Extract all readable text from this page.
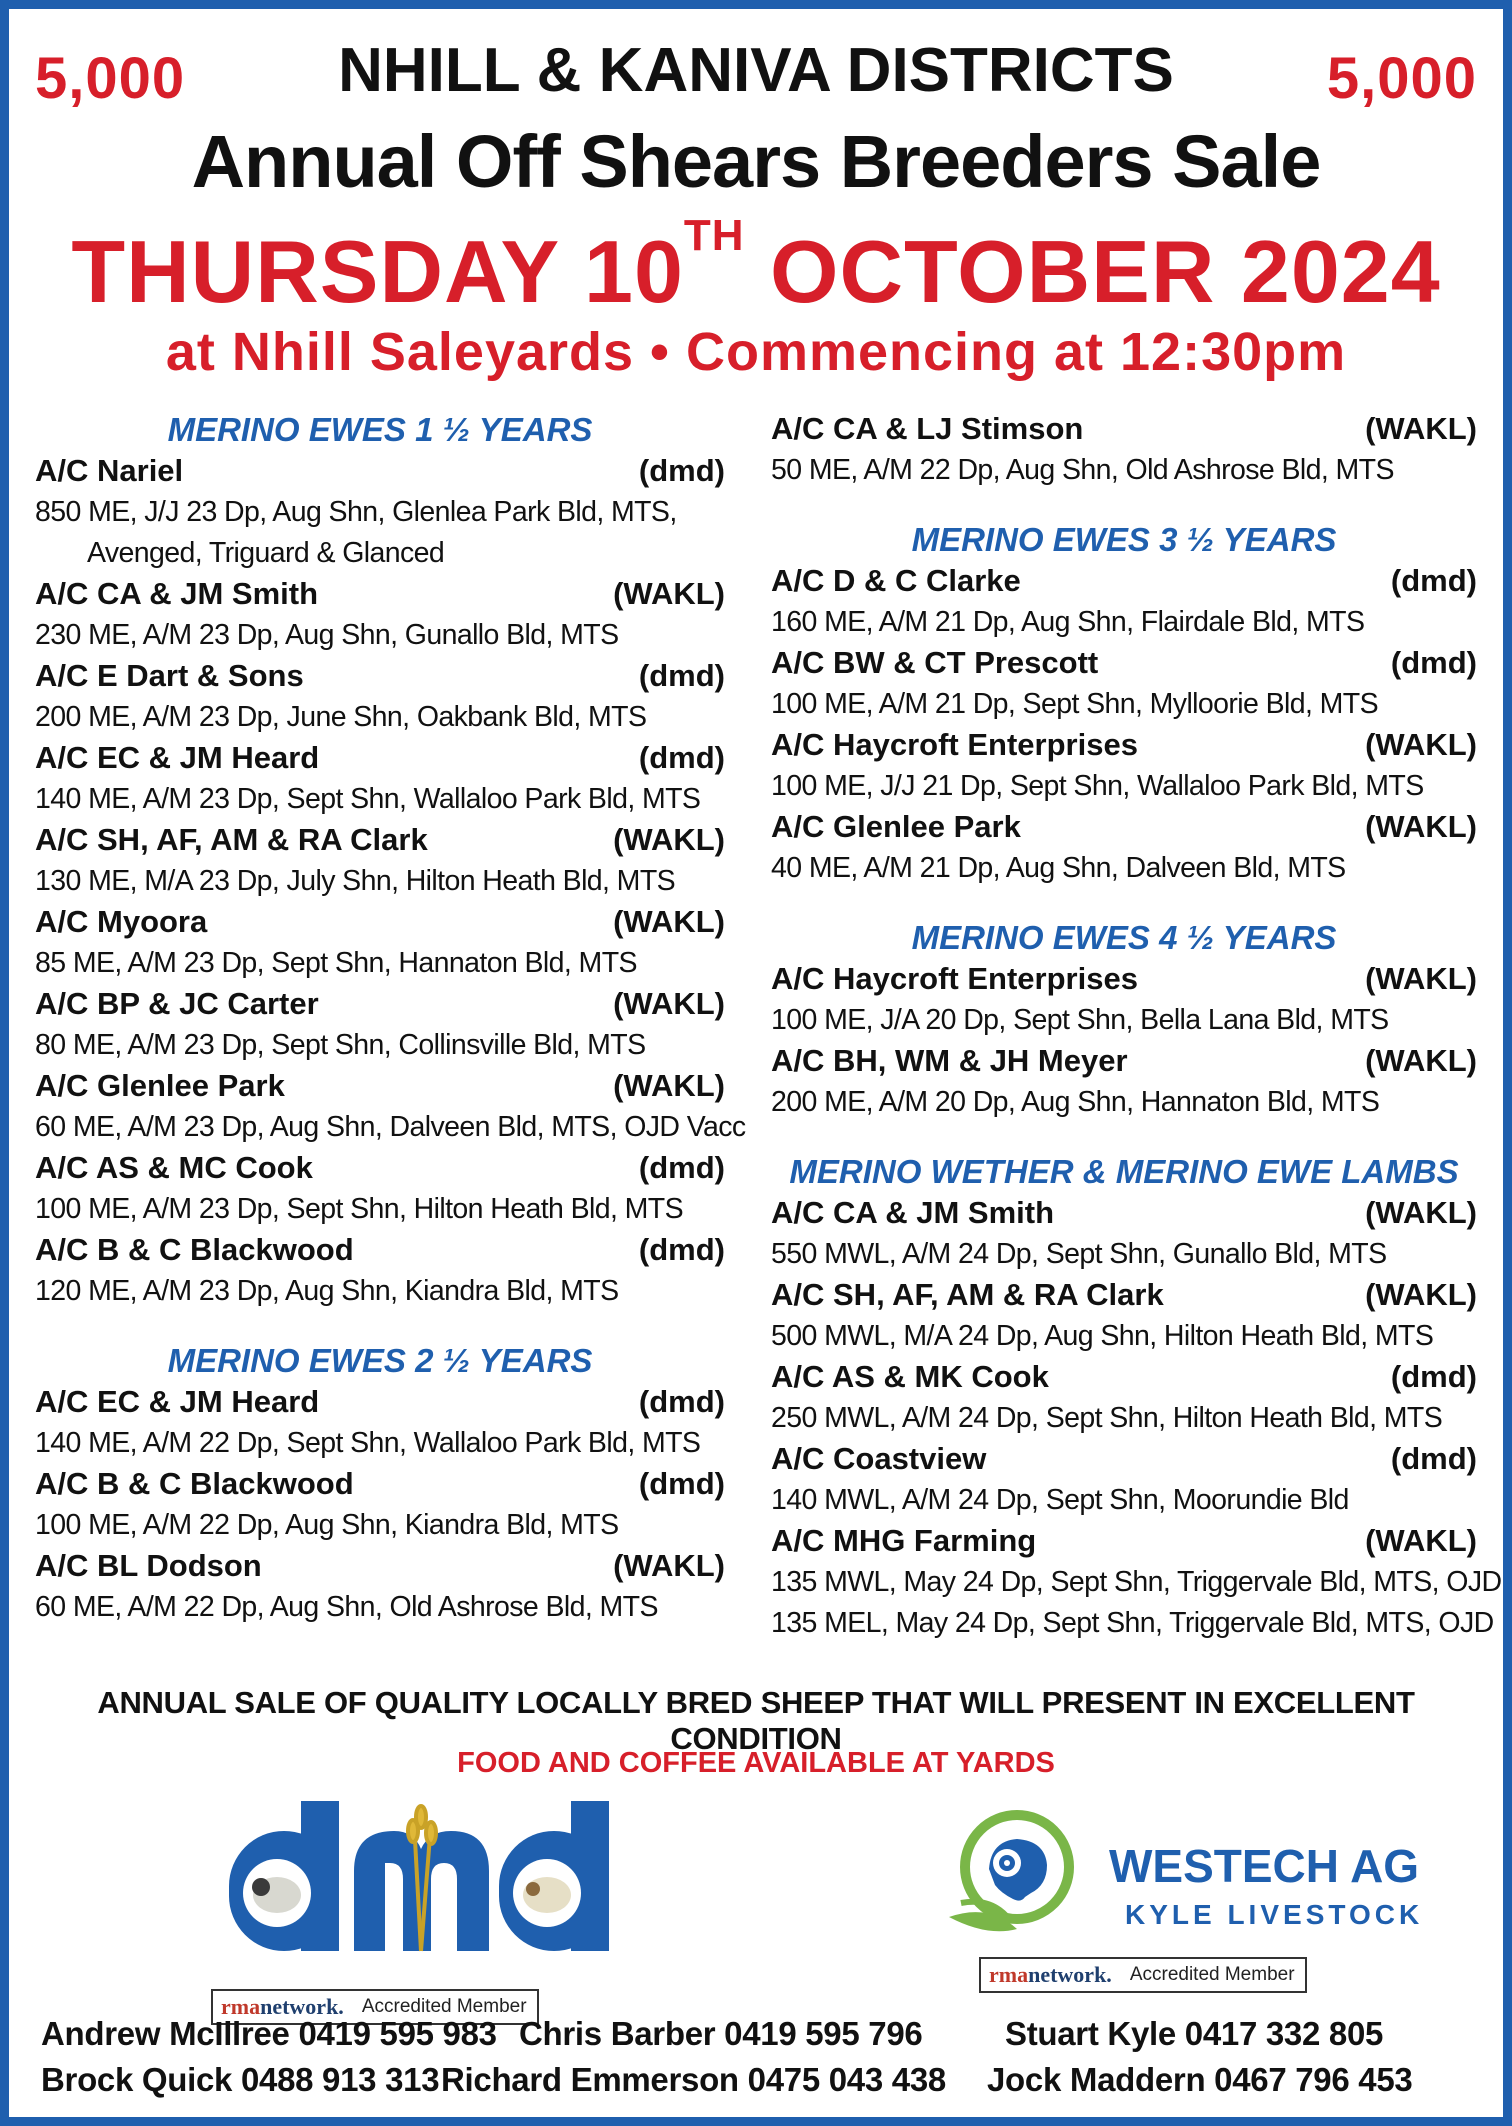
5,000	5,000
NHILL & KANIVA DISTRICTS
Annual Off Shears Breeders Sale
THURSDAY 10TH OCTOBER 2024
at Nhill Saleyards • Commencing at 12:30pm
MERINO EWES 1 ½ YEARS
A/C Nariel	(dmd)
850 ME, J/J 23 Dp, Aug Shn, Glenlea Park Bld, MTS,
Avenged, Triguard & Glanced
A/C CA & JM Smith	(WAKL)
230 ME, A/M 23 Dp, Aug Shn, Gunallo Bld, MTS
A/C E Dart & Sons	(dmd)
200 ME, A/M 23 Dp, June Shn, Oakbank Bld, MTS
A/C EC & JM Heard	(dmd)
140 ME, A/M 23 Dp, Sept Shn, Wallaloo Park Bld, MTS
A/C SH, AF, AM & RA Clark	(WAKL)
130 ME, M/A 23 Dp, July Shn, Hilton Heath Bld, MTS
A/C Myoora	(WAKL)
85 ME, A/M 23 Dp, Sept Shn, Hannaton Bld, MTS
A/C BP & JC Carter	(WAKL)
80 ME, A/M 23 Dp, Sept Shn, Collinsville Bld, MTS
A/C Glenlee Park	(WAKL)
60 ME, A/M 23 Dp, Aug Shn, Dalveen Bld, MTS, OJD Vacc
A/C AS & MC Cook	(dmd)
100 ME, A/M 23 Dp, Sept Shn, Hilton Heath Bld, MTS
A/C B & C Blackwood	(dmd)
120 ME, A/M 23 Dp, Aug Shn, Kiandra Bld, MTS
MERINO EWES 2 ½ YEARS
A/C EC & JM Heard	(dmd)
140 ME, A/M 22 Dp, Sept Shn, Wallaloo Park Bld, MTS
A/C B & C Blackwood	(dmd)
100 ME, A/M 22 Dp, Aug Shn, Kiandra Bld, MTS
A/C BL Dodson	(WAKL)
60 ME, A/M 22 Dp, Aug Shn, Old Ashrose Bld, MTS
A/C CA & LJ Stimson	(WAKL)
50 ME, A/M 22 Dp, Aug Shn, Old Ashrose Bld, MTS
MERINO EWES 3 ½ YEARS
A/C D & C Clarke	(dmd)
160 ME, A/M 21 Dp, Aug Shn, Flairdale Bld, MTS
A/C BW & CT Prescott	(dmd)
100 ME, A/M 21 Dp, Sept Shn, Mylloorie Bld, MTS
A/C Haycroft Enterprises	(WAKL)
100 ME, J/J 21 Dp, Sept Shn, Wallaloo Park Bld, MTS
A/C Glenlee Park	(WAKL)
40 ME, A/M 21 Dp, Aug Shn, Dalveen Bld, MTS
MERINO EWES 4 ½ YEARS
A/C Haycroft Enterprises	(WAKL)
100 ME, J/A 20 Dp, Sept Shn, Bella Lana Bld, MTS
A/C BH, WM & JH Meyer	(WAKL)
200 ME, A/M 20 Dp, Aug Shn, Hannaton Bld, MTS
MERINO WETHER & MERINO EWE LAMBS
A/C CA & JM Smith	(WAKL)
550 MWL, A/M 24 Dp, Sept Shn, Gunallo Bld, MTS
A/C SH, AF, AM & RA Clark	(WAKL)
500 MWL, M/A 24 Dp, Aug Shn, Hilton Heath Bld, MTS
A/C AS & MK Cook	(dmd)
250 MWL, A/M 24 Dp, Sept Shn, Hilton Heath Bld, MTS
A/C Coastview	(dmd)
140 MWL, A/M 24 Dp, Sept Shn, Moorundie Bld
A/C MHG Farming	(WAKL)
135 MWL, May 24 Dp, Sept Shn, Triggervale Bld, MTS, OJD
135 MEL, May 24 Dp, Sept Shn, Triggervale Bld, MTS, OJD
ANNUAL SALE OF QUALITY LOCALLY BRED SHEEP THAT WILL PRESENT IN EXCELLENT CONDITION
FOOD AND COFFEE AVAILABLE AT YARDS
dmd
rmanetwork. Accredited Member
WESTECH AG
KYLE LIVESTOCK
rmanetwork. Accredited Member
Andrew McIllree 0419 595 983 Chris Barber 0419 595 796
Brock Quick 0488 913 313 Richard Emmerson 0475 043 438
Stuart Kyle 0417 332 805
Jock Maddern 0467 796 453
